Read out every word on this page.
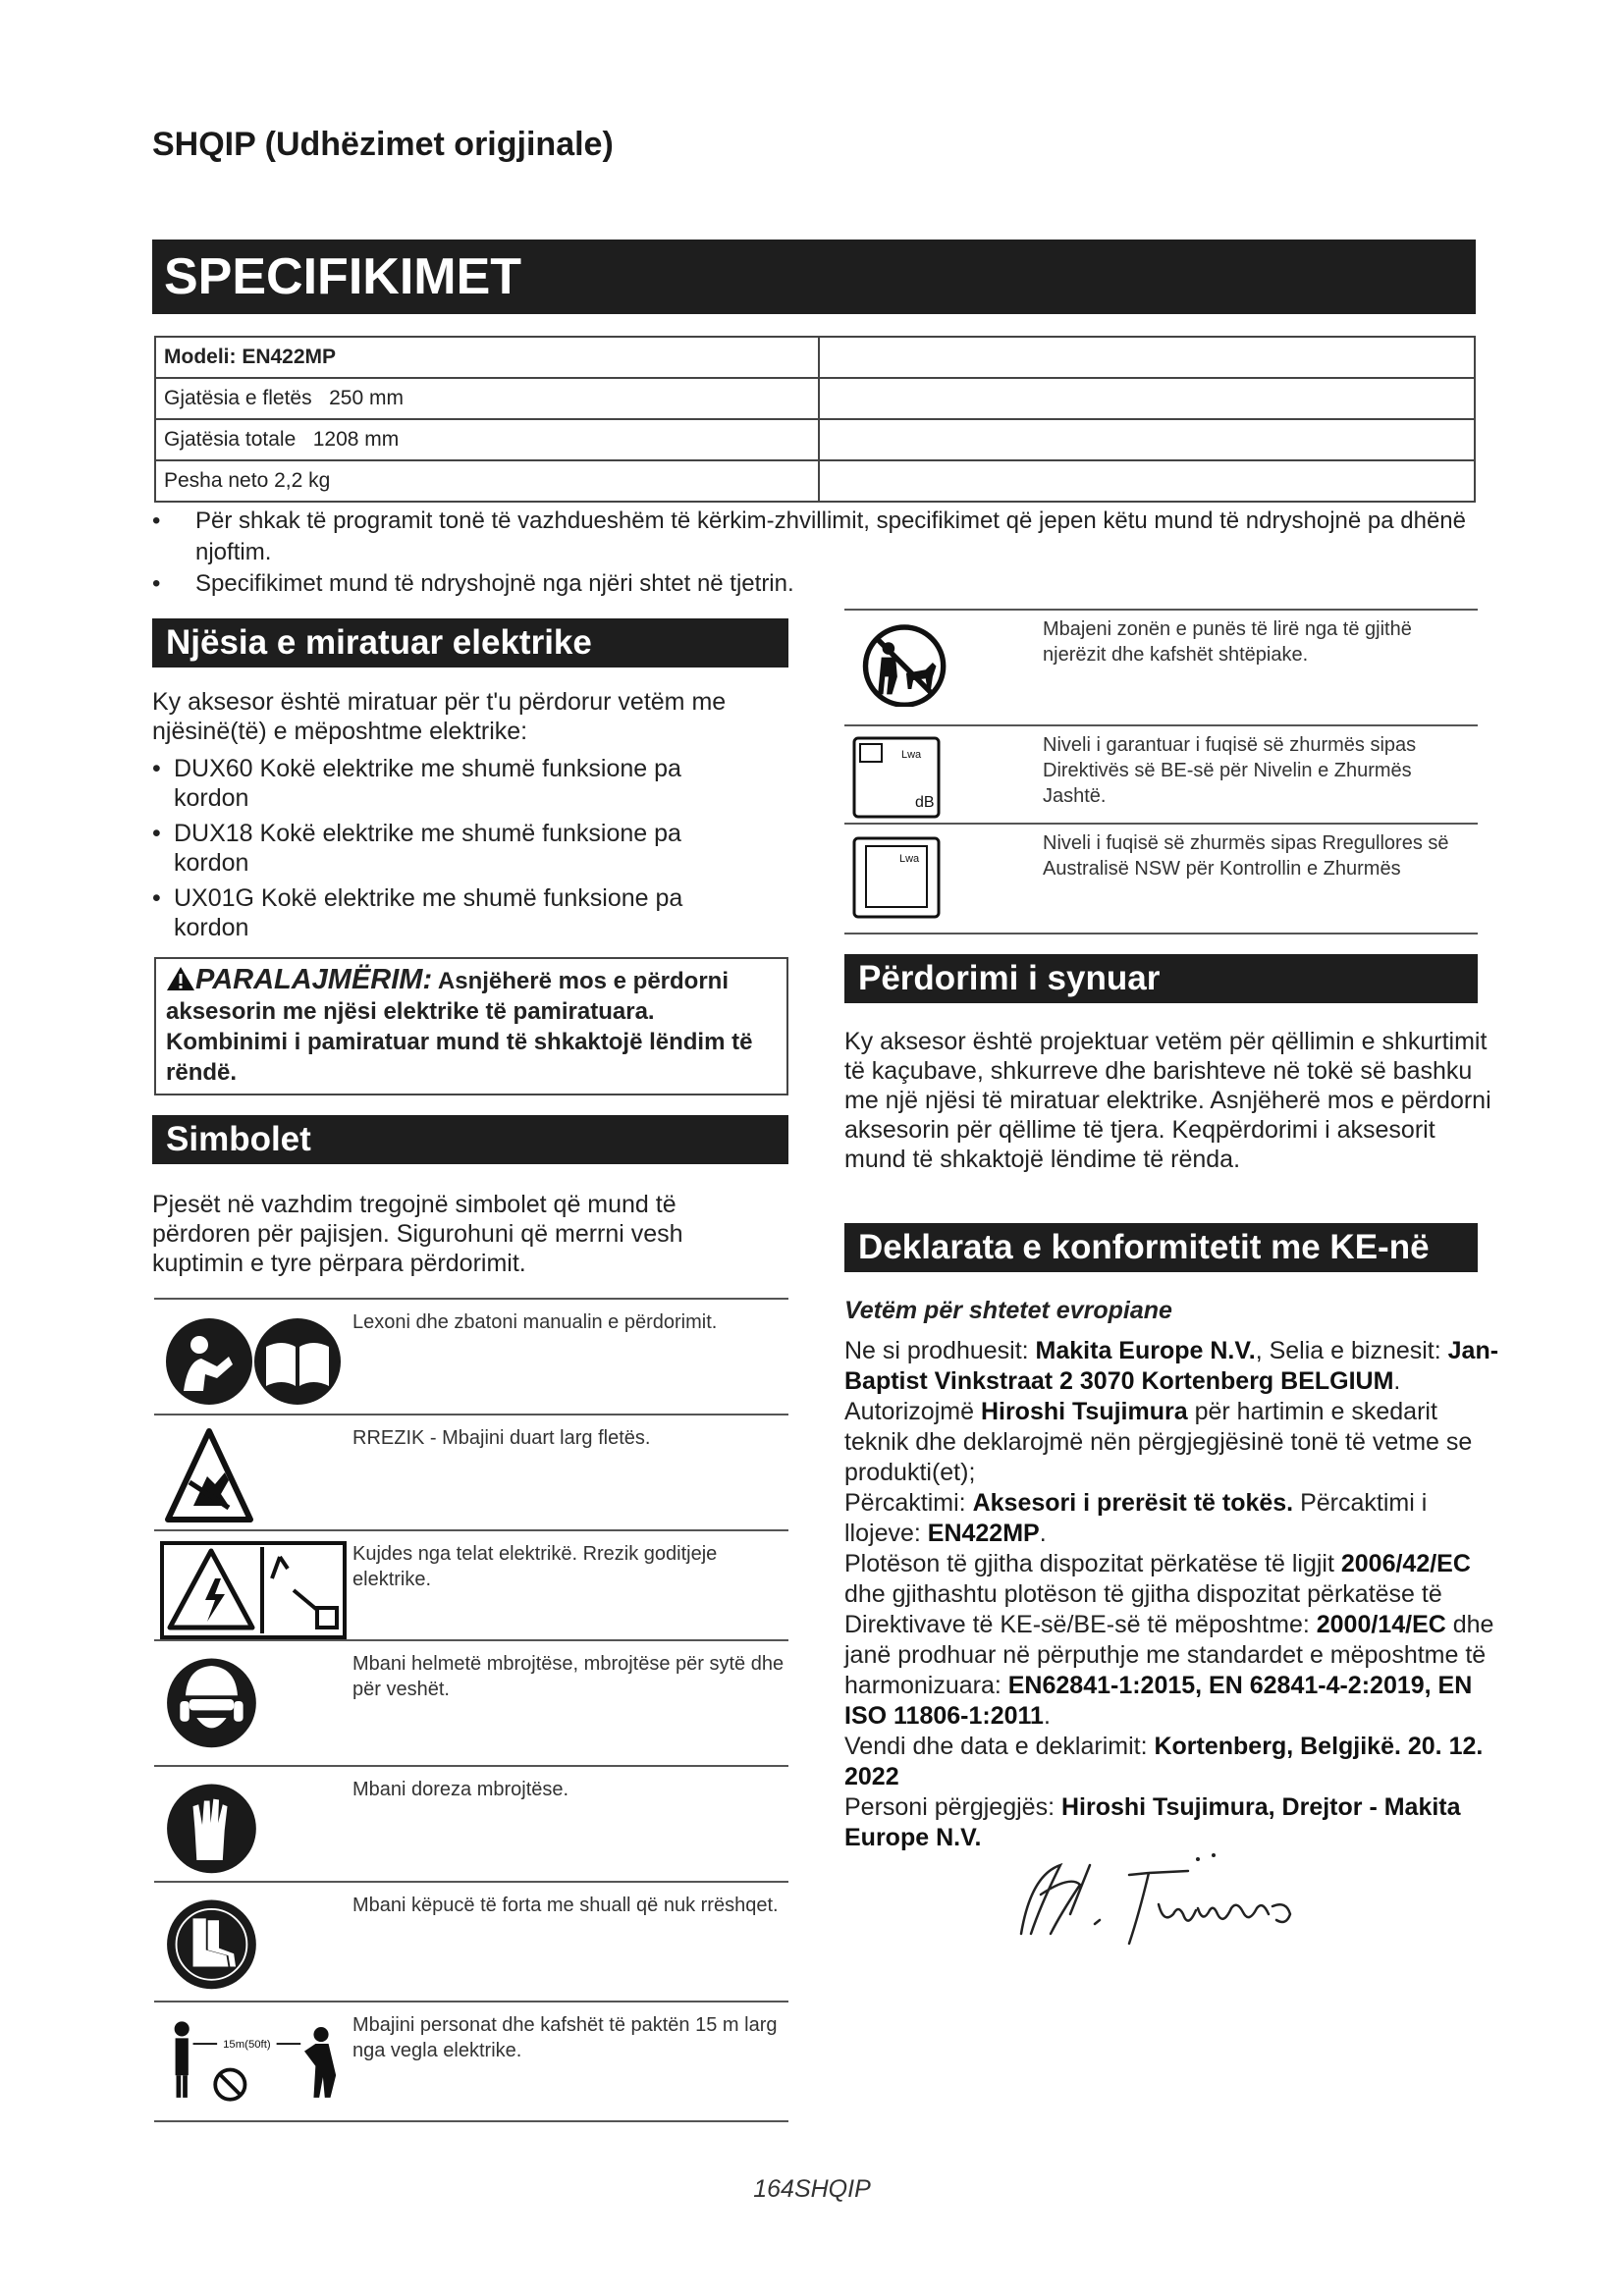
SHQIP (Udhëzimet origjinale)
SPECIFIKIMET
Modeli: EN422MP	
Gjatësia e fletës   250 mm	
Gjatësia totale   1208 mm	
Pesha neto 2,2 kg	
• Për shkak të programit tonë të vazhdueshëm të kërkim-zhvillimit, specifikimet që jepen këtu mund të ndryshojnë pa dhënë njoftim.
• Specifikimet mund të ndryshojnë nga njëri shtet në tjetrin.
Njësia e miratuar elektrike
Ky aksesor është miratuar për t'u përdorur vetëm me njësinë(të) e mëposhtme elektrike:
• DUX60 Kokë elektrike me shumë funksione pa kordon
• DUX18 Kokë elektrike me shumë funksione pa kordon
• UX01G Kokë elektrike me shumë funksione pa kordon
PARALAJMËRIM: Asnjëherë mos e përdorni aksesorin me njësi elektrike të pamiratuara. Kombinimi i pamiratuar mund të shkaktojë lëndim të rëndë.
Simbolet
Pjesët në vazhdim tregojnë simbolet që mund të përdoren për pajisjen. Sigurohuni që merrni vesh kuptimin e tyre përpara përdorimit.
Lexoni dhe zbatoni manualin e përdorimit.
RREZIK - Mbajini duart larg fletës.
Kujdes nga telat elektrikë. Rrezik goditjeje elektrike.
Mbani helmetë mbrojtëse, mbrojtëse për sytë dhe për veshët.
Mbani doreza mbrojtëse.
Mbani këpucë të forta me shuall që nuk rrëshqet.
15m(50ft)
Mbajini personat dhe kafshët të paktën 15 m larg nga vegla elektrike.
Mbajeni zonën e punës të lirë nga të gjithë njerëzit dhe kafshët shtëpiake.
Lwa
dB
Niveli i garantuar i fuqisë së zhurmës sipas Direktivës së BE-së për Nivelin e Zhurmës Jashtë.
Lwa
Niveli i fuqisë së zhurmës sipas Rregullores së Australisë NSW për Kontrollin e Zhurmës
Përdorimi i synuar
Ky aksesor është projektuar vetëm për qëllimin e shkurtimit të kaçubave, shkurreve dhe barishteve në tokë së bashku me një njësi të miratuar elektrike. Asnjëherë mos e përdorni aksesorin për qëllime të tjera. Keqpërdorimi i aksesorit mund të shkaktojë lëndime të rënda.
Deklarata e konformitetit me KE-në
Vetëm për shtetet evropiane
Ne si prodhuesit: Makita Europe N.V., Selia e biznesit: Jan-Baptist Vinkstraat 2 3070 Kortenberg BELGIUM. Autorizojmë Hiroshi Tsujimura për hartimin e skedarit teknik dhe deklarojmë nën përgjegjësinë tonë të vetme se produkti(et);
Përcaktimi: Aksesori i prerësit të tokës. Përcaktimi i llojeve: EN422MP.
Plotëson të gjitha dispozitat përkatëse të ligjit 2006/42/EC dhe gjithashtu plotëson të gjitha dispozitat përkatëse të Direktivave të KE-së/BE-së të mëposhtme: 2000/14/EC dhe janë prodhuar në përputhje me standardet e mëposhtme të harmonizuara: EN62841-1:2015, EN 62841-4-2:2019, EN ISO 11806-1:2011.
Vendi dhe data e deklarimit: Kortenberg, Belgjikë. 20. 12. 2022
Personi përgjegjës: Hiroshi Tsujimura, Drejtor - Makita Europe N.V.
164SHQIP
